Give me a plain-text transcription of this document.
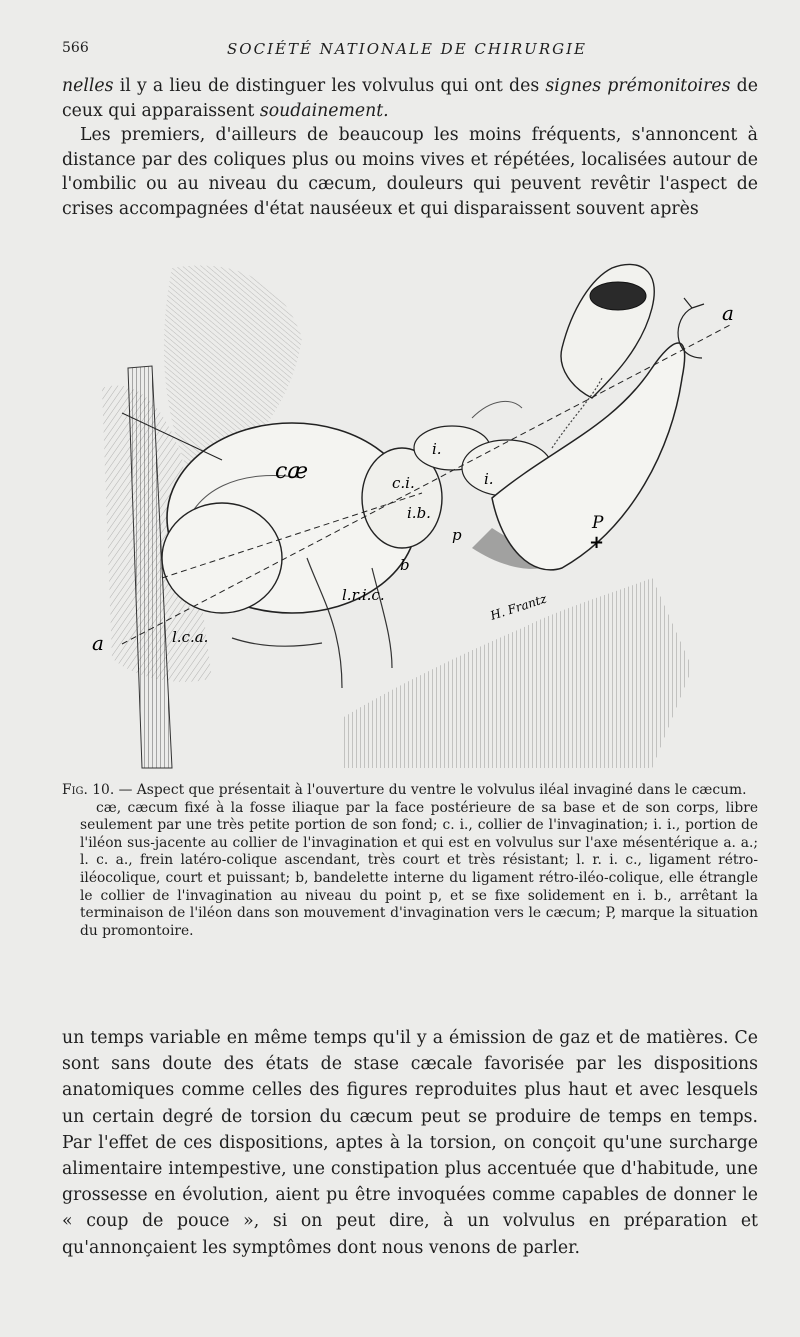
566	SOCIÉTÉ NATIONALE DE CHIRURGIE

nelles il y a lieu de distinguer les volvulus qui ont des signes prémonitoires de ceux qui apparaissent soudainement.

Les premiers, d'ailleurs de beaucoup les moins fréquents, s'annoncent à distance par des coliques plus ou moins vives et répétées, localisées autour de l'ombilic ou au niveau du cæcum, douleurs qui peuvent revêtir l'aspect de crises accompagnées d'état nauséeux et qui disparaissent souvent après

cæ	c.i.
i.b.
i.
i.
p
b
l.r.i.c.
l.c.a.
P
+
a
a
H. Frantz

Fig. 10. — Aspect que présentait à l'ouverture du ventre le volvulus iléal invaginé dans le cæcum.

cæ, cæcum fixé à la fosse iliaque par la face postérieure de sa base et de son corps, libre seulement par une très petite portion de son fond; c. i., collier de l'invagination; i. i., portion de l'iléon sus-jacente au collier de l'invagination et qui est en volvulus sur l'axe mésentérique a. a.; l. c. a., frein latéro-colique ascendant, très court et très résistant; l. r. i. c., ligament rétro-iléocolique, court et puissant; b, bandelette interne du ligament rétro-iléo-colique, elle étrangle le collier de l'invagination au niveau du point p, et se fixe solidement en i. b., arrêtant la terminaison de l'iléon dans son mouvement d'invagination vers le cæcum; P, marque la situation du promontoire.

un temps variable en même temps qu'il y a émission de gaz et de matières. Ce sont sans doute des états de stase cæcale favorisée par les dispositions anatomiques comme celles des figures reproduites plus haut et avec lesquels un certain degré de torsion du cæcum peut se produire de temps en temps. Par l'effet de ces dispositions, aptes à la torsion, on conçoit qu'une surcharge alimentaire intempestive, une constipation plus accentuée que d'habitude, une grossesse en évolution, aient pu être invoquées comme capables de donner le « coup de pouce », si on peut dire, à un volvulus en préparation et qu'annonçaient les symptômes dont nous venons de parler.
